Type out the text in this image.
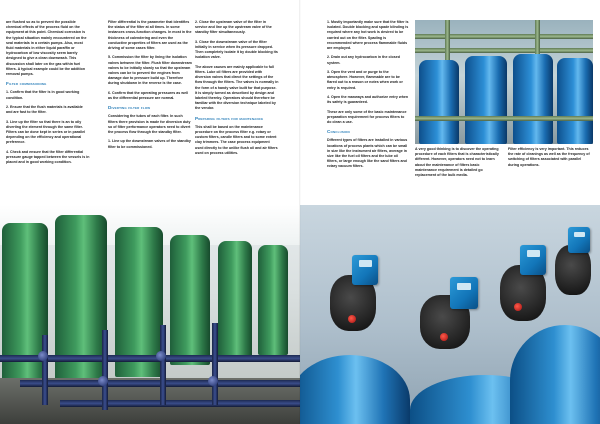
are flushed so as to prevent the possible chemical effects of the process fluid on the equipment at this point. Chemical corrosion is the typical situation mainly encountered on the seal materials in a certain pumps. Also, most fluid materials in either liquid paraffin or hydrocarbon of low viscosity seem barely designed to give a clean downwash. This discussion shall later on the gas within fuel filters. A typical example could be the addition removal pumps.

Filter commissioning

1. Confirm that the filter is in good working condition.

2. Ensure that the flush materials is available and are fast to the filter.

3. Line up the filter so that there is an to oily diverting the element through the same filter. Filters can be done kept in series or in parallel depending on the efficiency and operational preference.

4. Check and ensure that the filter differential pressure gauge tapped between the vessels is in placed and in good working condition.

Filter differential is the parameter that identifies the status of the filter at all times. In some instances cross-function changes. In most in the thickness of calendering and even the conductive properties of filters are used as the driving of some cases filter.

5. Commission the filter by lining the isolation valves between the filter. Flush filter downstream valves to be initially slowly so that the upstream valves can be to prevent the engines from damage due to pressure build up. Therefore during shutdown in the reverse is the case.

6. Confirm that the operating pressures as well as the differential pressure are normal.

Diverting filter flow

Considering the tubes of each filter. In such filters there provision is made for diversion duty so of filter performance operators need to divert the process flow through the standby filter.

1. Line up the downstream valves of the standby filter to be commissioned.

2. Close the upstream valve of the filter in service and line up the upstream valve of the standby filter simultaneously.

3. Close the downstream valve of the filter initially in service when its pressure dropped. Then completely isolate it by double blocking its isolation valve.

The above causes are mainly applicable to full filters. Lube oil filters are provided with diversion valves that direct the settings of the flow through the filters. The valves is normally in the form of a handy valve built for that purpose. It is simply turned as described by design and labeled thereby. Operators should therefore be familiar with the diversion technique labeled by the vendor.

Preparing filters for maintenance

This shall be based on the maintenance procedure on the process filter e.g. rotary or custom filters, candle filters and to some extent clay trimmers. The case process equipment used directly to the unlike flush oil and air filters used on process utilities.

1. Mostly importantly make sure that the filter is isolated. Double blocking and spade blinding is required where any hot work is desired to be carried out on the filter. Spading is recommended where process flammable fluids are employed.

2. Drain out any hydrocarbon in the closed system.

3. Open the vent and or purge to the atmosphere. However, flammable are to be flared out to a reason or notes when work or entry is required.

4. Open the manways and authorize entry when its safety is guaranteed.

These are only some of the basic maintenance preparation requirement for process filters to do clean a use.

Conclusion

Different types of filters are installed in various locations of process plants which can be small in size like the instrument air filters, average in size like the fuel oil filters and the lube oil filters, or large enough like the sand filters and rotary vacuum filters.

A very good thinking is to discover the operating procedure of each filters that is characteristically different. However, operators need not to learn about the maintenance of filters basic maintenance requirement is detailed go replacement of the bulk media.

Filter efficiency is very important. This reduces the rate of cleanings as well as the frequency of switching of filters associated with parallel during operations.
